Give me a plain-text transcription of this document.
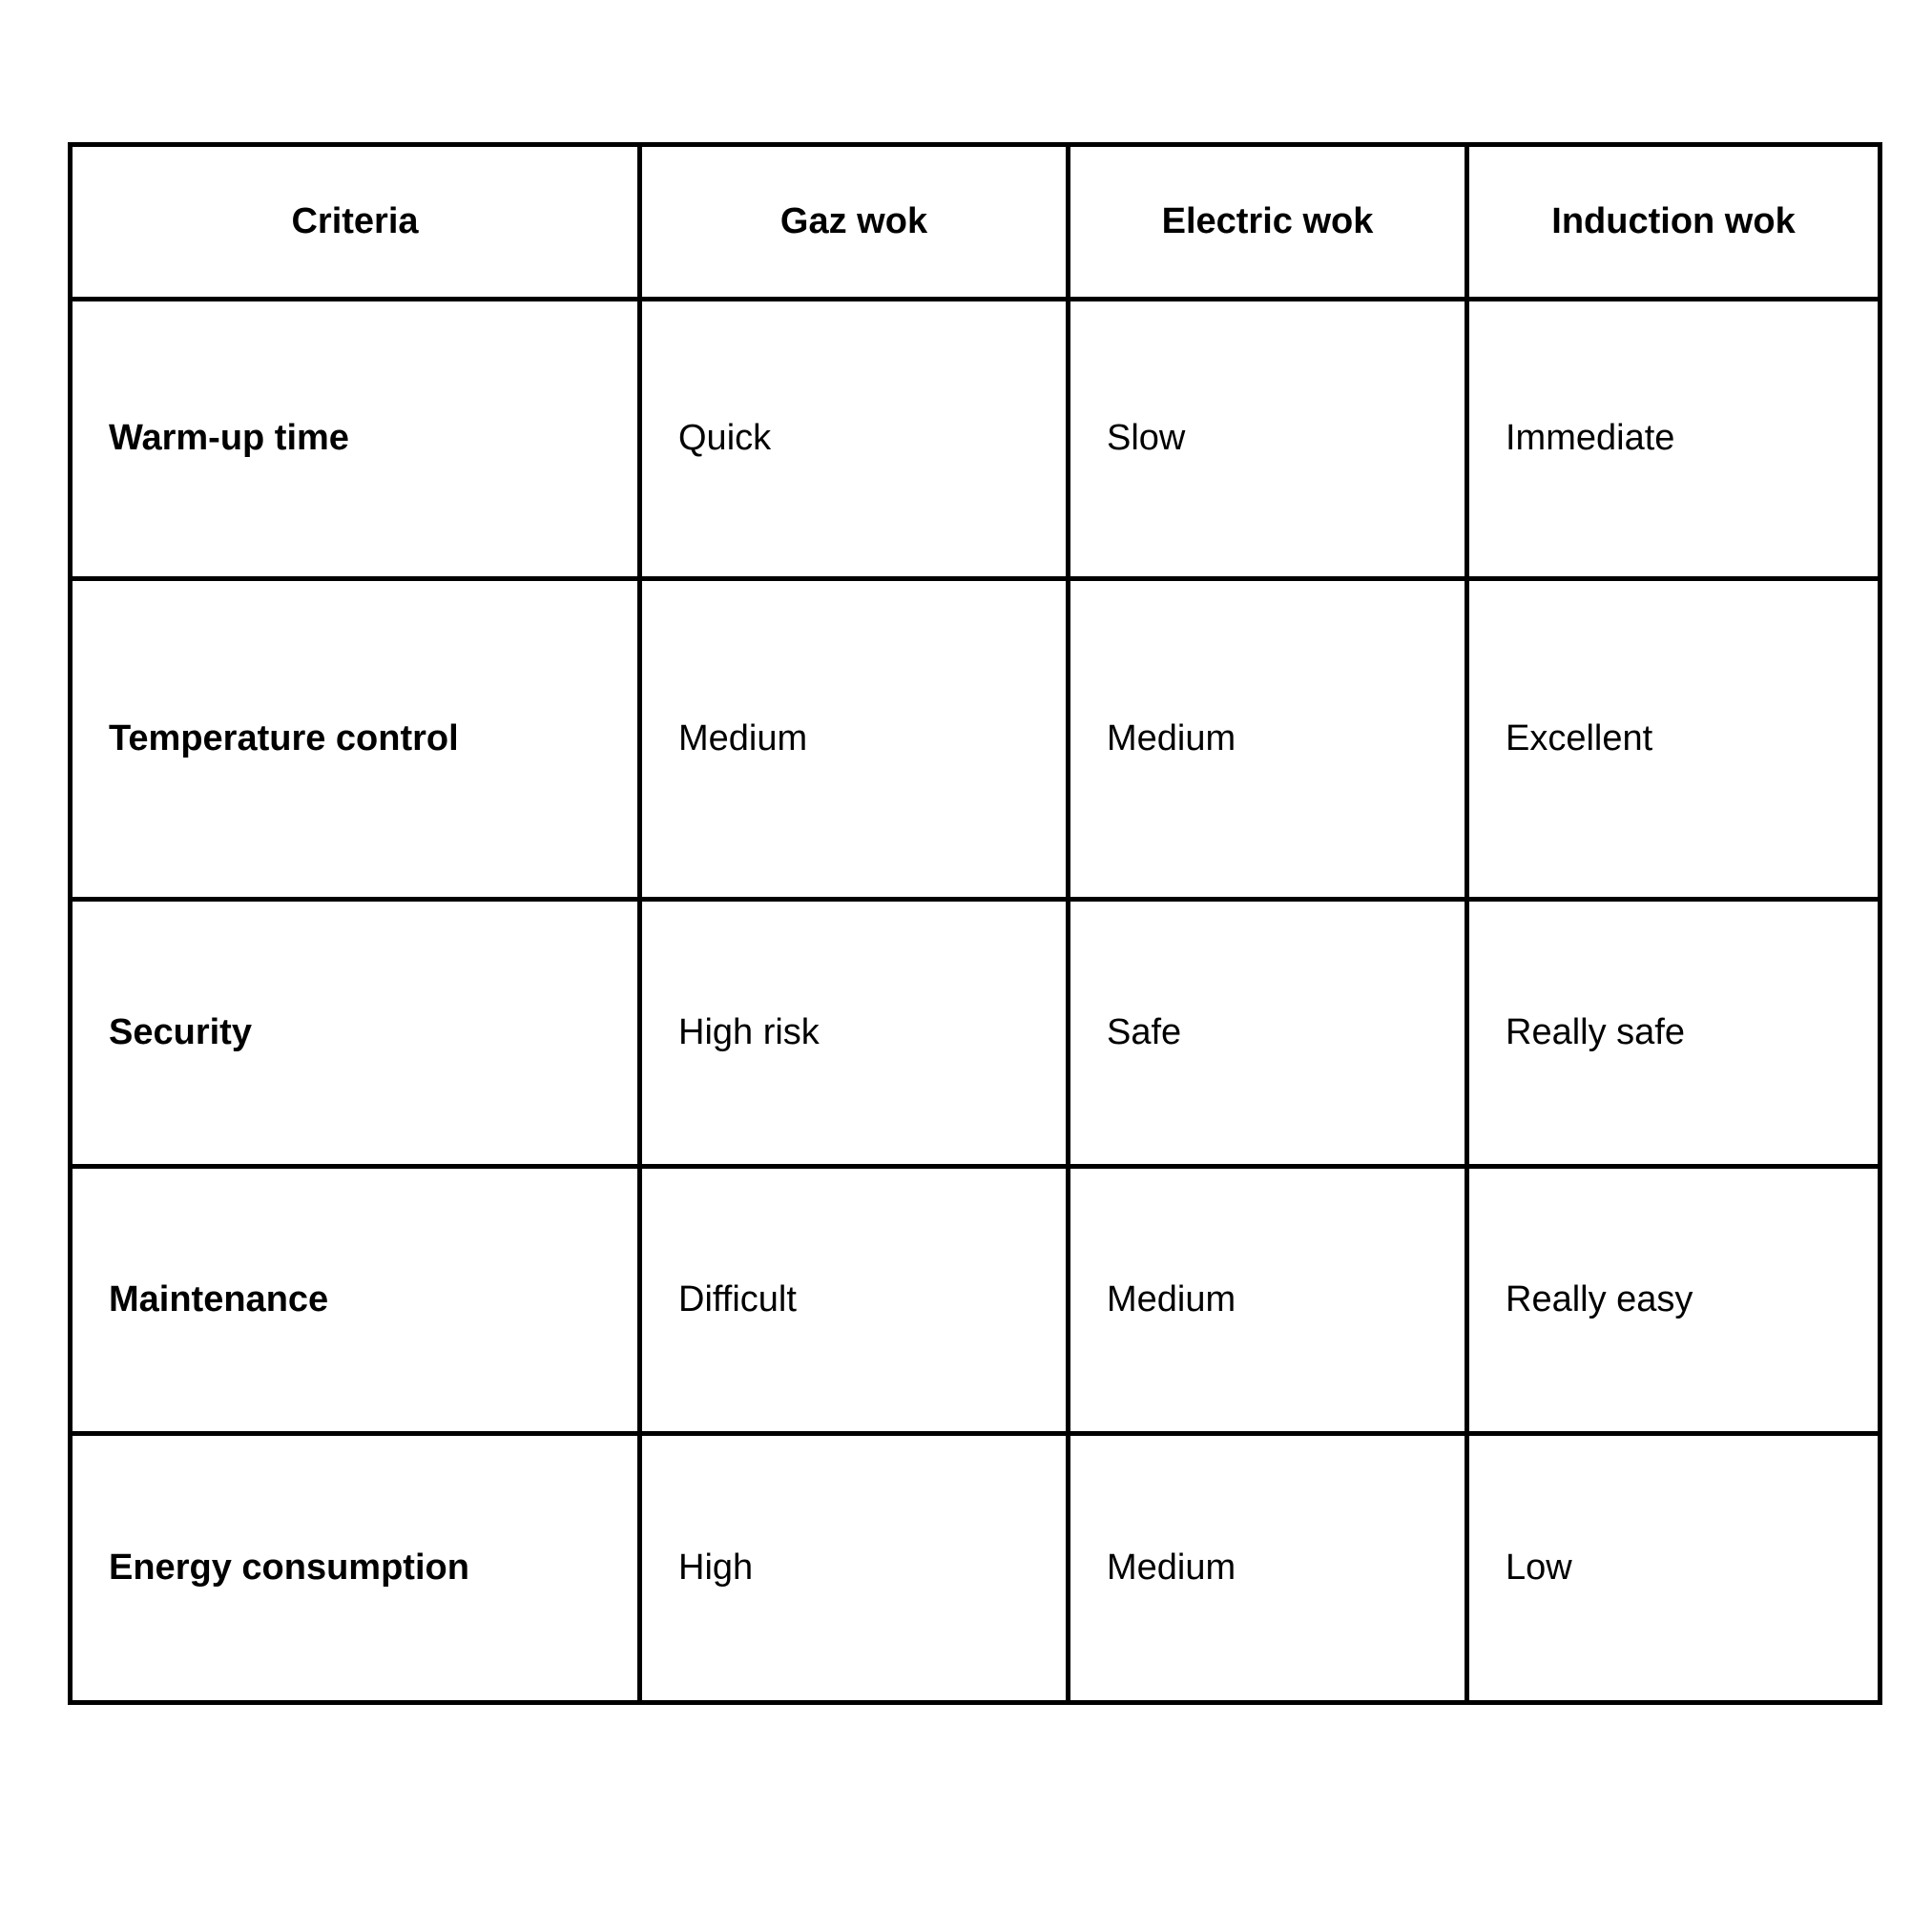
Criteria	Gaz wok	Electric wok	Induction wok
Warm-up time	Quick	Slow	Immediate
Temperature control	Medium	Medium	Excellent
Security	High risk	Safe	Really safe
Maintenance	Difficult	Medium	Really easy
Energy consumption	High	Medium	Low
